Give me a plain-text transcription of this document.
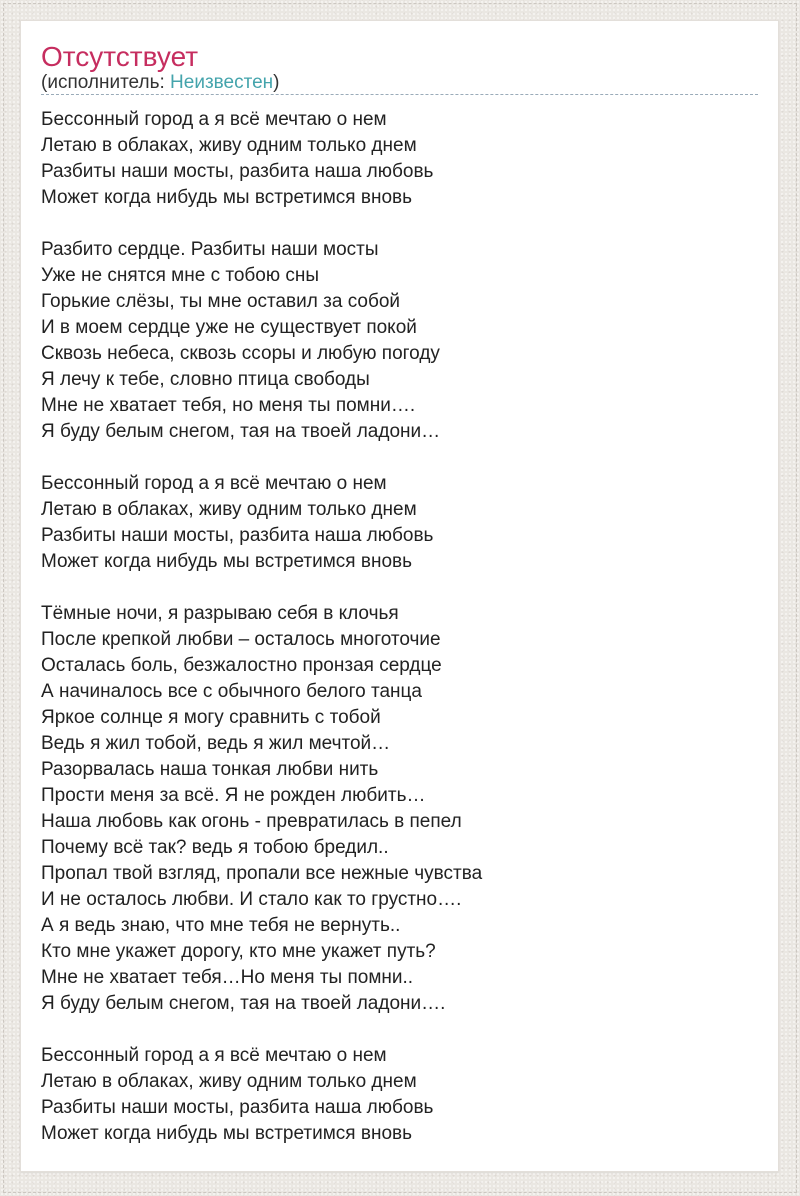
Отсутствует

(исполнитель: Неизвестен)

Бессонный город а я всё мечтаю о нем
Летаю в облаках, живу одним только днем
Разбиты наши мосты, разбита наша любовь
Может когда нибудь мы встретимся вновь

Разбито сердце. Разбиты наши мосты
Уже не снятся мне с тобою сны
Горькие слёзы, ты мне оставил за собой
И в моем сердце уже не существует покой
Сквозь небеса, сквозь ссоры и любую погоду
Я лечу к тебе, словно птица свободы
Мне не хватает тебя, но меня ты помни….
Я буду белым снегом, тая на твоей ладони…

Бессонный город а я всё мечтаю о нем
Летаю в облаках, живу одним только днем
Разбиты наши мосты, разбита наша любовь
Может когда нибудь мы встретимся вновь

Тёмные ночи, я разрываю себя в клочья
После крепкой любви – осталось многоточие
Осталась боль, безжалостно пронзая сердце
А начиналось все с обычного белого танца
Яркое солнце я могу сравнить с тобой
Ведь я жил тобой, ведь я жил мечтой…
Разорвалась наша тонкая любви нить
Прости меня за всё. Я не рожден любить…
Наша любовь как огонь - превратилась в пепел
Почему всё так? ведь я тобою бредил..
Пропал твой взгляд, пропали все нежные чувства
И не осталось любви. И стало как то грустно….
А я ведь знаю, что мне тебя не вернуть..
Кто мне укажет дорогу, кто мне укажет путь?
Мне не хватает тебя…Но меня ты помни..
Я буду белым снегом, тая на твоей ладони….

Бессонный город а я всё мечтаю о нем
Летаю в облаках, живу одним только днем
Разбиты наши мосты, разбита наша любовь
Может когда нибудь мы встретимся вновь
